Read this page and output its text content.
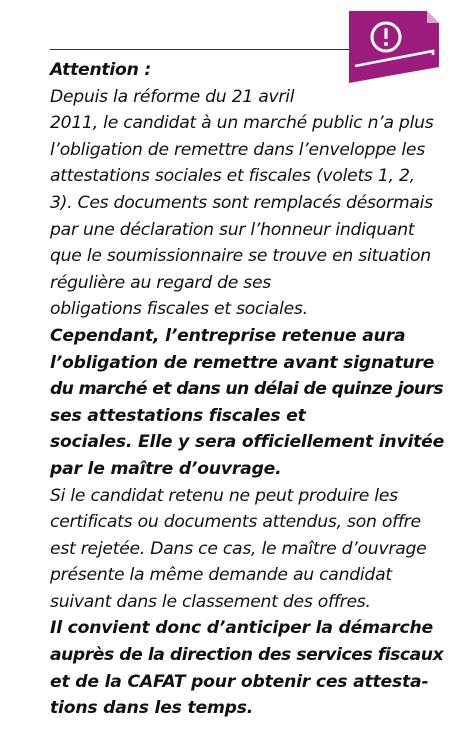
Attention :
Depuis la réforme du 21 avril
2011, le candidat à un marché public n’a plus
l’obligation de remettre dans l’enveloppe les
attestations sociales et fiscales (volets 1, 2,
3). Ces documents sont remplacés désormais
par une déclaration sur l’honneur indiquant
que le soumissionnaire se trouve en situation
régulière au regard de ses
obligations fiscales et sociales.
Cependant, l’entreprise retenue aura
l’obligation de remettre avant signature
du marché et dans un délai de quinze jours
ses attestations fiscales et
sociales. Elle y sera officiellement invitée
par le maître d’ouvrage.
Si le candidat retenu ne peut produire les
certificats ou documents attendus, son offre
est rejetée. Dans ce cas, le maître d’ouvrage
présente la même demande au candidat
suivant dans le classement des offres.
Il convient donc d’anticiper la démarche
auprès de la direction des services fiscaux
et de la CAFAT pour obtenir ces attesta-
tions dans les temps.
